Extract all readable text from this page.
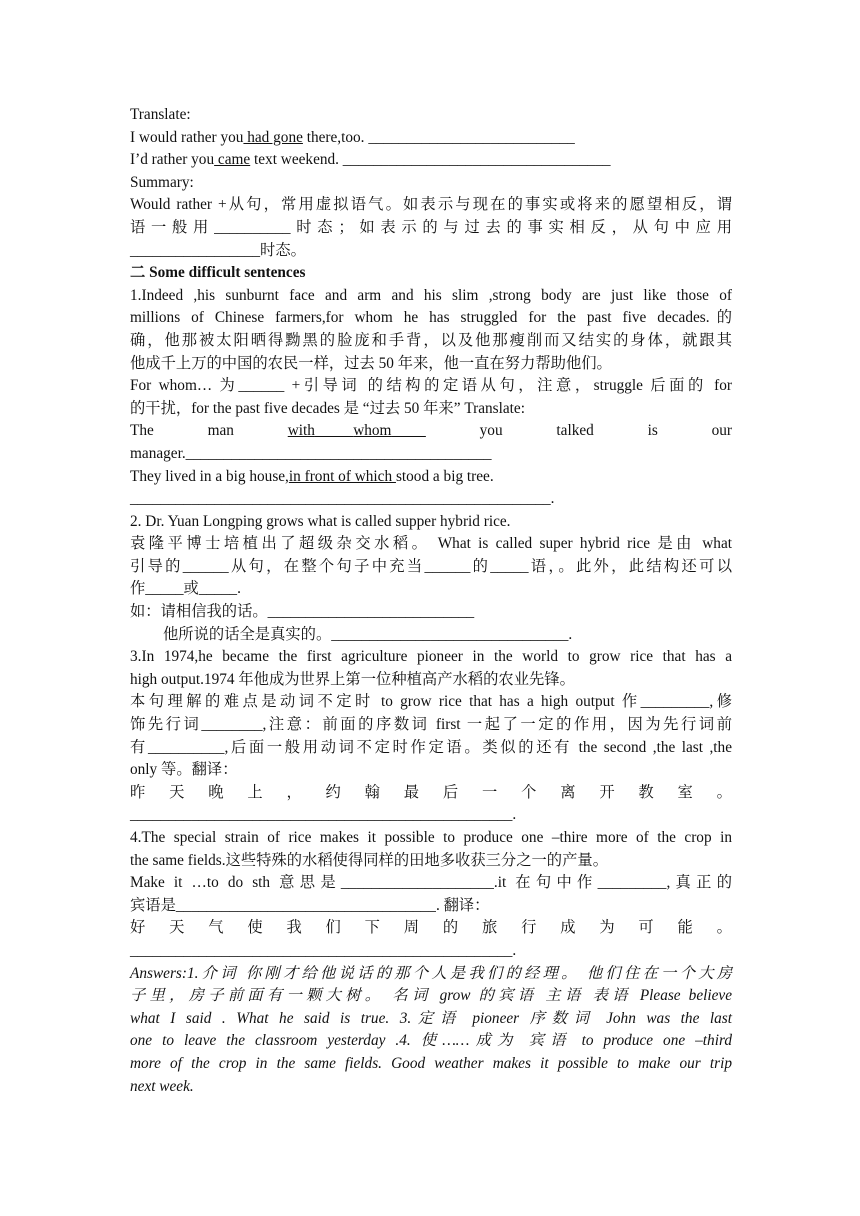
Translate:
I would rather you had gone there,too. ___________________________
I’d rather you came text weekend. ___________________________________
Summary:
Would rather +从句，常用虚拟语气。如表示与现在的事实或将来的愿望相反，谓
语一般用__________时态；如表示的与过去的事实相反，从句中应用
_________________时态。
二 Some difficult sentences
1.Indeed ,his sunburnt face and arm and his slim ,strong body are just like those of
millions of Chinese farmers,for whom he has struggled for the past five decades.的
确，他那被太阳晒得黝黑的脸庞和手背，以及他那瘦削而又结实的身体，就跟其
他成千上万的中国的农民一样，过去 50 年来，他一直在努力帮助他们。
For whom… 为______ +引导词 的结构的定语从句，注意，struggle 后面的 for
的干扰，for the past five decades 是 “过去 50 年来” Translate:
The	man	with	whom	you	talked	is	our
manager.________________________________________
They lived in a big house,in front of which stood a big tree.
_______________________________________________________.
2. Dr. Yuan Longping grows what is called supper hybrid rice.
袁隆平博士培植出了超级杂交水稻。 What is called super hybrid rice 是由 what
引导的______从句，在整个句子中充当______的_____语，。此外，此结构还可以
作_____或_____.
如：请相信我的话。___________________________
他所说的话全是真实的。_______________________________.
3.In 1974,he became the first agriculture pioneer in the world to grow rice that has a
high output.1974 年他成为世界上第一位种植高产水稻的农业先锋。
本句理解的难点是动词不定时 to grow rice that has a high output 作_________,修
饰先行词________,注意：前面的序数词 first 一起了一定的作用，因为先行词前
有__________,后面一般用动词不定时作定语。类似的还有 the second ,the last ,the
only 等。翻译：
昨 天 晚 上 ， 约 翰 最 后 一 个 离 开 教 室 。
__________________________________________________.
4.The special strain of rice makes it possible to produce one –thire more of the crop in
the same fields.这些特殊的水稻使得同样的田地多收获三分之一的产量。
Make it …to do sth 意思是____________________.it 在句中作_________,真正的
宾语是__________________________________. 翻译：
好 天 气 使 我 们 下 周 的 旅 行 成 为 可 能 。
__________________________________________________.
Answers:1.介词 你刚才给他说话的那个人是我们的经理。 他们住在一个大房
子里，房子前面有一颗大树。 名词 grow 的宾语 主语 表语 Please believe
what I said . What he said is true. 3.定语 pioneer 序数词 John was the last
one to leave the classroom yesterday .4. 使……成为 宾语 to produce one –third
more of the crop in the same fields. Good weather makes it possible to make our trip
next week.
